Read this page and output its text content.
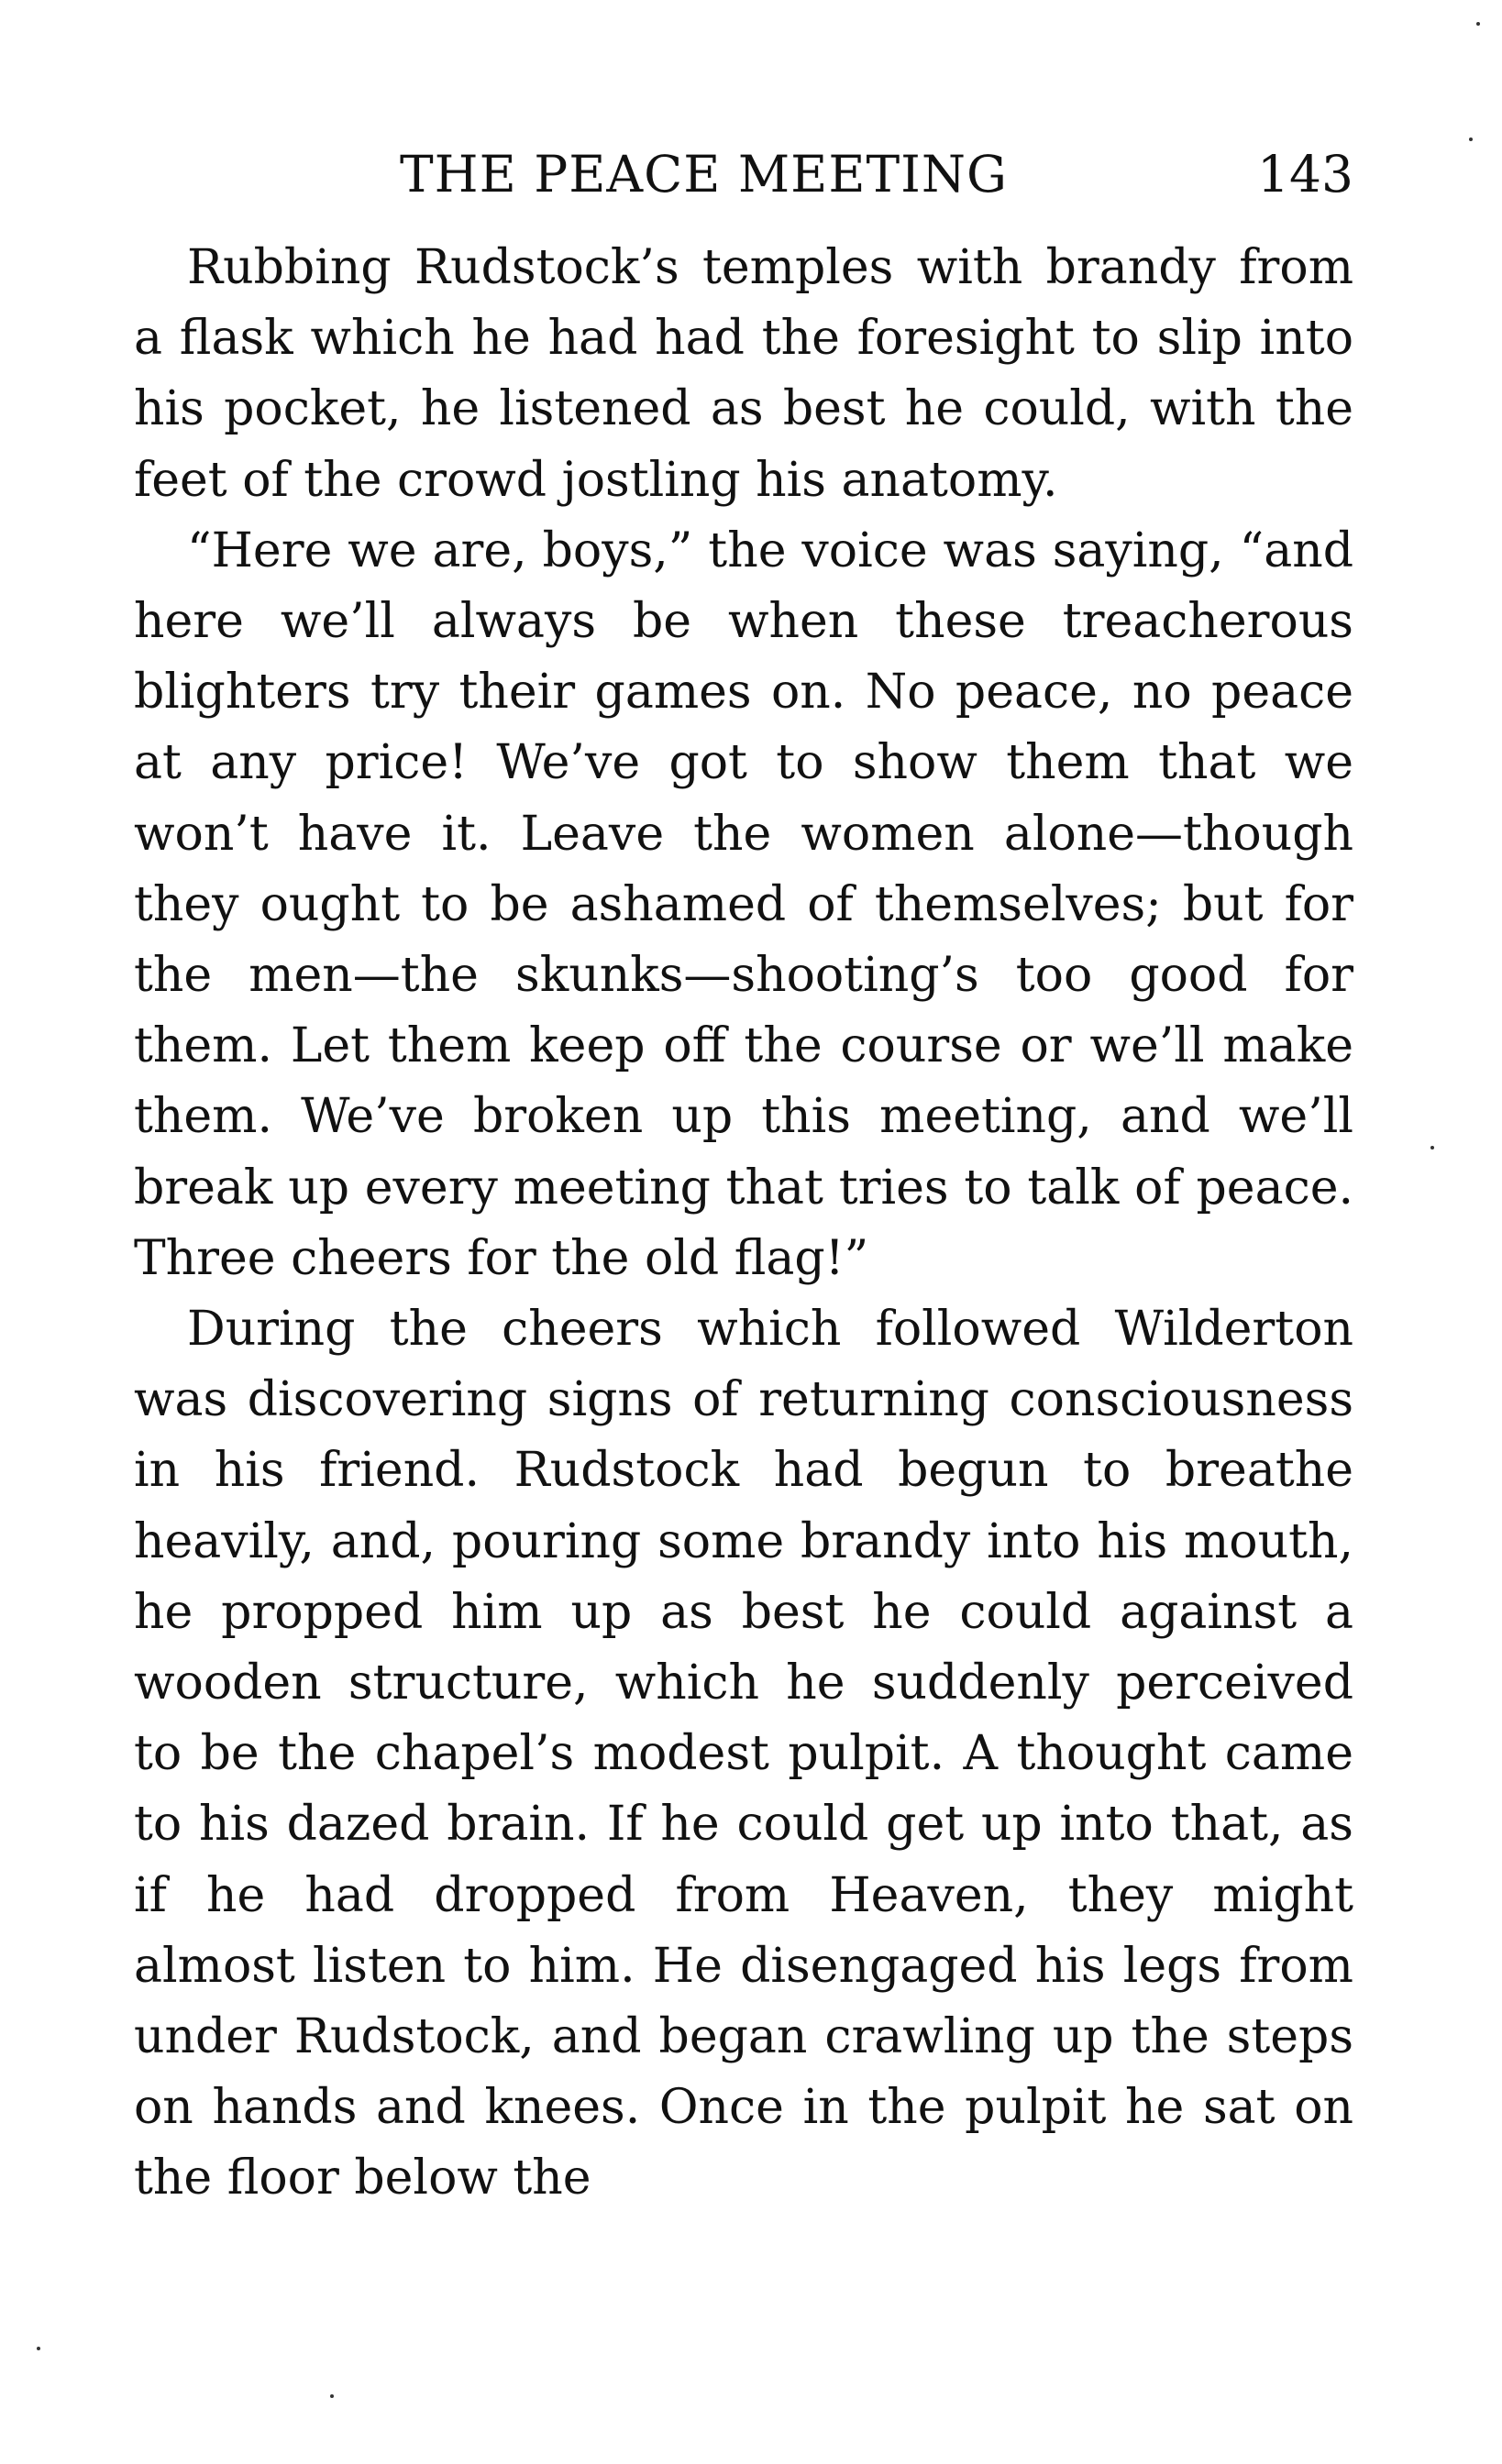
THE PEACE MEETING	143

Rubbing Rudstock’s temples with brandy from a flask which he had had the foresight to slip into his pocket, he listened as best he could, with the feet of the crowd jostling his anatomy.

“Here we are, boys,” the voice was saying, “and here we’ll always be when these treacherous blighters try their games on. No peace, no peace at any price! We’ve got to show them that we won’t have it. Leave the women alone—though they ought to be ashamed of themselves; but for the men—the skunks—shooting’s too good for them. Let them keep off the course or we’ll make them. We’ve broken up this meeting, and we’ll break up every meeting that tries to talk of peace. Three cheers for the old flag!”

During the cheers which followed Wilderton was discovering signs of returning consciousness in his friend. Rudstock had begun to breathe heavily, and, pouring some brandy into his mouth, he propped him up as best he could against a wooden structure, which he suddenly perceived to be the chapel’s modest pulpit. A thought came to his dazed brain. If he could get up into that, as if he had dropped from Heaven, they might almost listen to him. He disengaged his legs from under Rudstock, and began crawling up the steps on hands and knees. Once in the pulpit he sat on the floor below the
